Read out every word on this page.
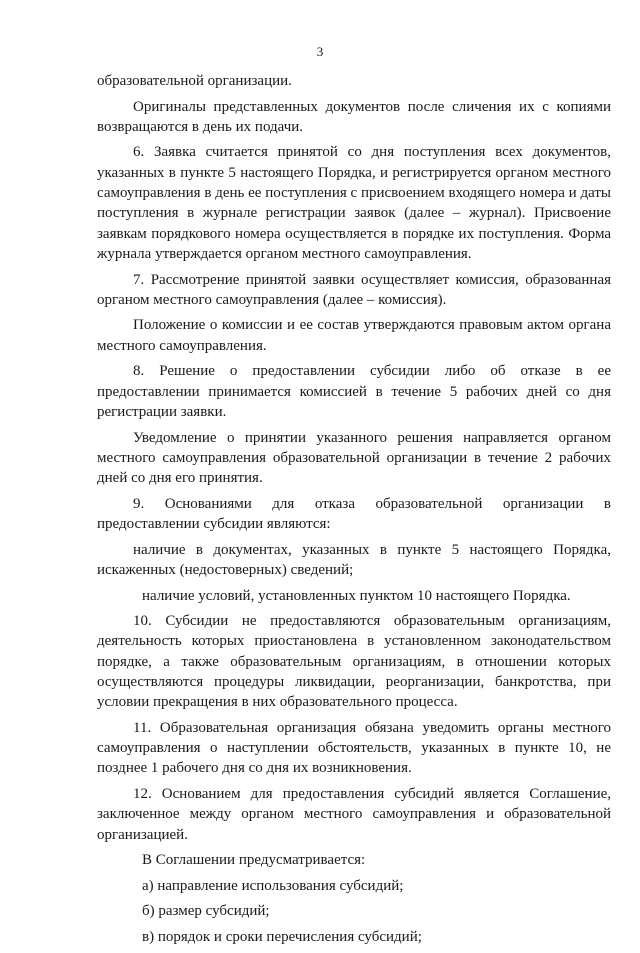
3

образовательной организации.

Оригиналы представленных документов после сличения их с копиями возвращаются в день их подачи.

6. Заявка считается принятой со дня поступления всех документов, указанных в пункте 5 настоящего Порядка, и регистрируется органом местного самоуправления в день ее поступления с присвоением входящего номера и даты поступления в журнале регистрации заявок (далее – журнал). Присвоение заявкам порядкового номера осуществляется в порядке их поступления. Форма журнала утверждается органом местного самоуправления.

7. Рассмотрение принятой заявки осуществляет комиссия, образованная органом местного самоуправления (далее – комиссия).

Положение о комиссии и ее состав утверждаются правовым актом органа местного самоуправления.

8. Решение о предоставлении субсидии либо об отказе в ее предоставлении принимается комиссией в течение 5 рабочих дней со дня регистрации заявки.

Уведомление о принятии указанного решения направляется органом местного самоуправления образовательной организации в течение 2 рабочих дней со дня его принятия.

9. Основаниями для отказа образовательной организации в предоставлении субсидии являются:

наличие в документах, указанных в пункте 5 настоящего Порядка, искаженных (недостоверных) сведений;

наличие условий, установленных пунктом 10 настоящего Порядка.

10. Субсидии не предоставляются образовательным организациям, деятельность которых приостановлена в установленном законодательством порядке, а также образовательным организациям, в отношении которых осуществляются процедуры ликвидации, реорганизации, банкротства, при условии прекращения в них образовательного процесса.

11. Образовательная организация обязана уведомить органы местного самоуправления о наступлении обстоятельств, указанных в пункте 10, не позднее 1 рабочего дня со дня их возникновения.

12. Основанием для предоставления субсидий является Соглашение, заключенное между органом местного самоуправления и образовательной организацией.

В Соглашении предусматривается:

а) направление использования субсидий;

б) размер субсидий;

в) порядок и сроки перечисления субсидий;
